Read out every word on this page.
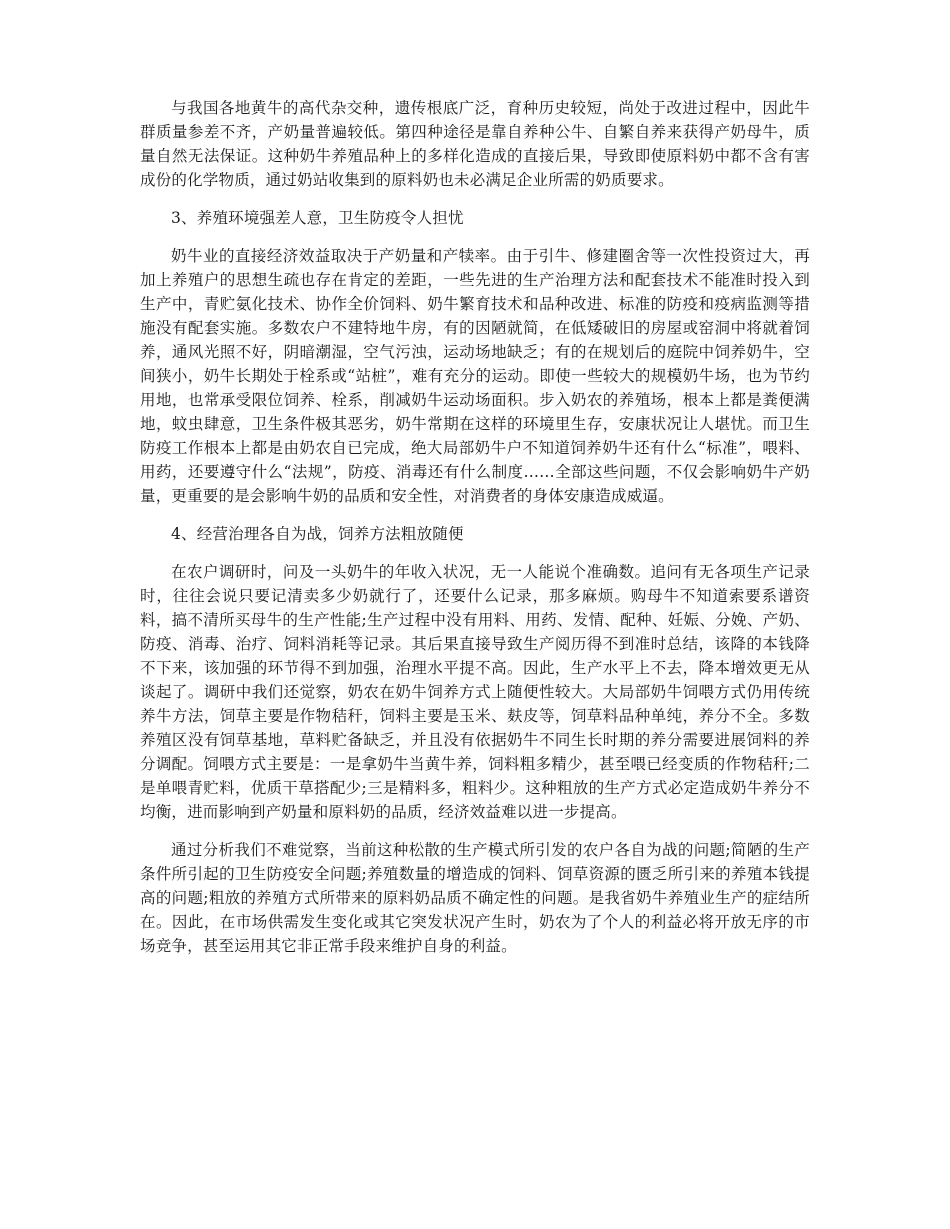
与我国各地黄牛的高代杂交种，遗传根底广泛，育种历史较短，尚处于改进过程中，因此牛群质量参差不齐，产奶量普遍较低。第四种途径是靠自养种公牛、自繁自养来获得产奶母牛，质量自然无法保证。这种奶牛养殖品种上的多样化造成的直接后果，导致即使原料奶中都不含有害成份的化学物质，通过奶站收集到的原料奶也未必满足企业所需的奶质要求。

3、养殖环境强差人意，卫生防疫令人担忧

奶牛业的直接经济效益取决于产奶量和产犊率。由于引牛、修建圈舍等一次性投资过大，再加上养殖户的思想生疏也存在肯定的差距，一些先进的生产治理方法和配套技术不能准时投入到生产中，青贮氨化技术、协作全价饲料、奶牛繁育技术和品种改进、标准的防疫和疫病监测等措施没有配套实施。多数农户不建特地牛房，有的因陋就简，在低矮破旧的房屋或窑洞中将就着饲养，通风光照不好，阴暗潮湿，空气污浊，运动场地缺乏；有的在规划后的庭院中饲养奶牛，空间狭小，奶牛长期处于栓系或“站桩”，难有充分的运动。即使一些较大的规模奶牛场，也为节约用地，也常承受限位饲养、栓系，削减奶牛运动场面积。步入奶农的养殖场，根本上都是粪便满地，蚊虫肆意，卫生条件极其恶劣，奶牛常期在这样的环境里生存，安康状况让人堪忧。而卫生防疫工作根本上都是由奶农自已完成，绝大局部奶牛户不知道饲养奶牛还有什么“标准”，喂料、用药，还要遵守什么“法规”，防疫、消毒还有什么制度……全部这些问题，不仅会影响奶牛产奶量，更重要的是会影响牛奶的品质和安全性，对消费者的身体安康造成威逼。

4、经营治理各自为战，饲养方法粗放随便

在农户调研时，问及一头奶牛的年收入状况，无一人能说个准确数。追问有无各项生产记录时，往往会说只要记清卖多少奶就行了，还要什么记录，那多麻烦。购母牛不知道索要系谱资料，搞不清所买母牛的生产性能;生产过程中没有用料、用药、发情、配种、妊娠、分娩、产奶、防疫、消毒、治疗、饲料消耗等记录。其后果直接导致生产阅历得不到准时总结，该降的本钱降不下来，该加强的环节得不到加强，治理水平提不高。因此，生产水平上不去，降本增效更无从谈起了。调研中我们还觉察，奶农在奶牛饲养方式上随便性较大。大局部奶牛饲喂方式仍用传统养牛方法，饲草主要是作物秸秆，饲料主要是玉米、麸皮等，饲草料品种单纯，养分不全。多数养殖区没有饲草基地，草料贮备缺乏，并且没有依据奶牛不同生长时期的养分需要进展饲料的养分调配。饲喂方式主要是：一是拿奶牛当黄牛养，饲料粗多精少，甚至喂已经变质的作物秸秆;二是单喂青贮料，优质干草搭配少;三是精料多，粗料少。这种粗放的生产方式必定造成奶牛养分不均衡，进而影响到产奶量和原料奶的品质，经济效益难以进一步提高。

通过分析我们不难觉察，当前这种松散的生产模式所引发的农户各自为战的问题;简陋的生产条件所引起的卫生防疫安全问题;养殖数量的增造成的饲料、饲草资源的匮乏所引来的养殖本钱提高的问题;粗放的养殖方式所带来的原料奶品质不确定性的问题。是我省奶牛养殖业生产的症结所在。因此，在市场供需发生变化或其它突发状况产生时，奶农为了个人的利益必将开放无序的市场竞争，甚至运用其它非正常手段来维护自身的利益。
